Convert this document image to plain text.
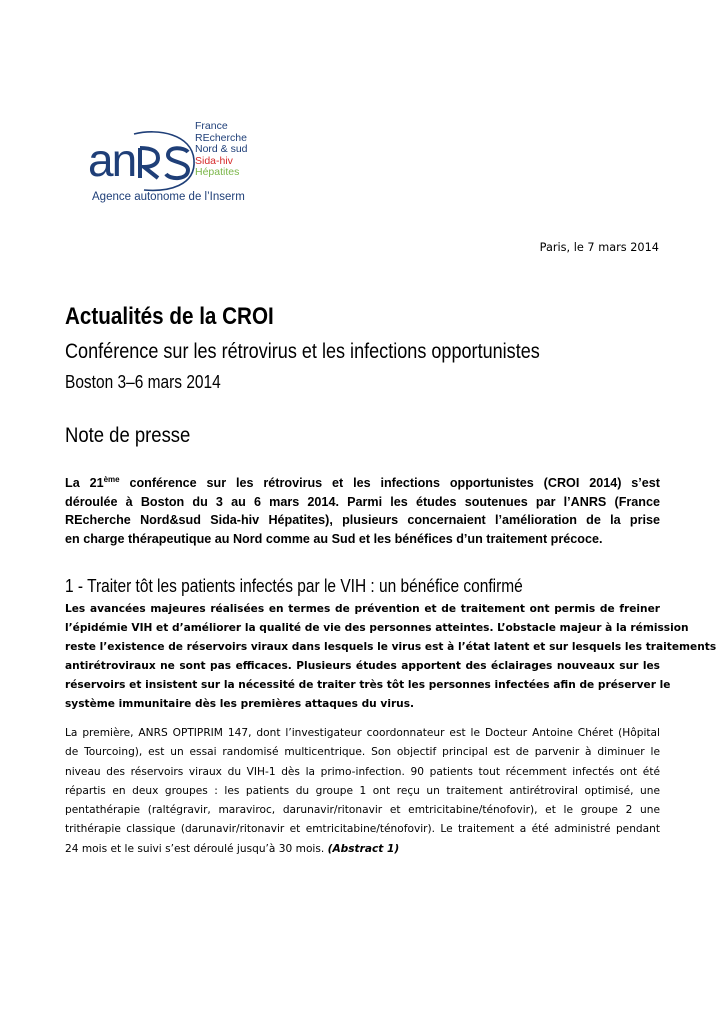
an
France
REcherche
Nord & sud
Sida-hiv
Hépatites
Agence autonome de l’Inserm
Paris, le 7 mars 2014
Actualités de la CROI
Conférence sur les rétrovirus et les infections opportunistes
Boston 3–6 mars 2014
Note de presse
La 21ème conférence sur les rétrovirus et les infections opportunistes (CROI 2014) s’est
déroulée à Boston du 3 au 6 mars 2014. Parmi les études soutenues par l’ANRS (France
REcherche Nord&sud Sida-hiv Hépatites), plusieurs concernaient l’amélioration de la prise
en charge thérapeutique au Nord comme au Sud et les bénéfices d’un traitement précoce.
1 - Traiter tôt les patients infectés par le VIH : un bénéfice confirmé
Les avancées majeures réalisées en termes de prévention et de traitement ont permis de freiner
l’épidémie VIH et d’améliorer la qualité de vie des personnes atteintes. L’obstacle majeur à la rémission
reste l’existence de réservoirs viraux dans lesquels le virus est à l’état latent et sur lesquels les traitements
antirétroviraux ne sont pas efficaces. Plusieurs études apportent des éclairages nouveaux sur les
réservoirs et insistent sur la nécessité de traiter très tôt les personnes infectées afin de préserver le
système immunitaire dès les premières attaques du virus.
La première, ANRS OPTIPRIM 147, dont l’investigateur coordonnateur est le Docteur Antoine Chéret (Hôpital
de Tourcoing), est un essai randomisé multicentrique. Son objectif principal est de parvenir à diminuer le
niveau des réservoirs viraux du VIH-1 dès la primo-infection. 90 patients tout récemment infectés ont été
répartis en deux groupes : les patients du groupe 1 ont reçu un traitement antirétroviral optimisé, une
pentathérapie (raltégravir, maraviroc, darunavir/ritonavir et emtricitabine/ténofovir), et le groupe 2 une
trithérapie classique (darunavir/ritonavir et emtricitabine/ténofovir). Le traitement a été administré pendant
24 mois et le suivi s’est déroulé jusqu’à 30 mois. (Abstract 1)
